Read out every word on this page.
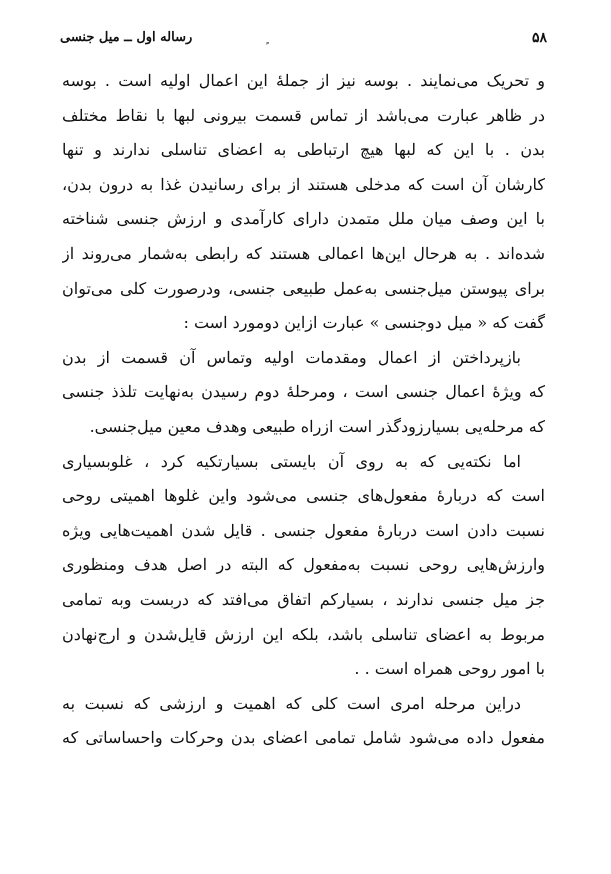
۵۸
رساله اول ــ میل جنسی
و تحریک می‌نمایند . بوسه نیز از جملهٔ این اعمال اولیه است . بوسه
در ظاهر عبارت می‌باشد از تماس قسمت بیرونی لبها با نقاط مختلف
بدن . با این که لبها هیچ ارتباطی به اعضای تناسلی ندارند و تنها
کارشان آن است که مدخلی هستند از برای رسانیدن غذا به درون بدن،
با این وصف میان ملل متمدن دارای کارآمدی و ارزش جنسی شناخته
شده‌اند . به هرحال این‌ها اعمالی هستند که رابطی به‌شمار می‌روند از
برای پیوستن میل‌جنسی به‌عمل طبیعی جنسی، ودرصورت کلی می‌توان
گفت که « میل دوجنسی » عبارت ازاین دومورد است :
بازپرداختن از اعمال ومقدمات اولیه وتماس آن قسمت از بدن
که ویژهٔ اعمال جنسی است ، ومرحلهٔ دوم رسیدن به‌نهایت تلذذ جنسی
که مرحله‌یی بسیارزودگذر است ازراه طبیعی وهدف معین میل‌جنسی.
اما نکته‌یی که به روی آن بایستی بسیارتکیه کرد ، غلوبسیاری
است که دربارهٔ مفعول‌های جنسی می‌شود واین غلوها اهمیتی روحی
نسبت دادن است دربارهٔ مفعول جنسی . قایل شدن اهمیت‌هایی ویژه
وارزش‌هایی روحی نسبت به‌مفعول که البته در اصل هدف ومنظوری
جز میل جنسی ندارند ، بسیارکم اتفاق می‌افتد که دربست وبه تمامی
مربوط به اعضای تناسلی باشد، بلکه این ارزش قایل‌شدن و ارج‌نهادن
با امور روحی همراه است . .
دراین مرحله امری است کلی که اهمیت و ارزشی که نسبت به
مفعول داده می‌شود شامل تمامی اعضای بدن وحرکات واحساساتی که
